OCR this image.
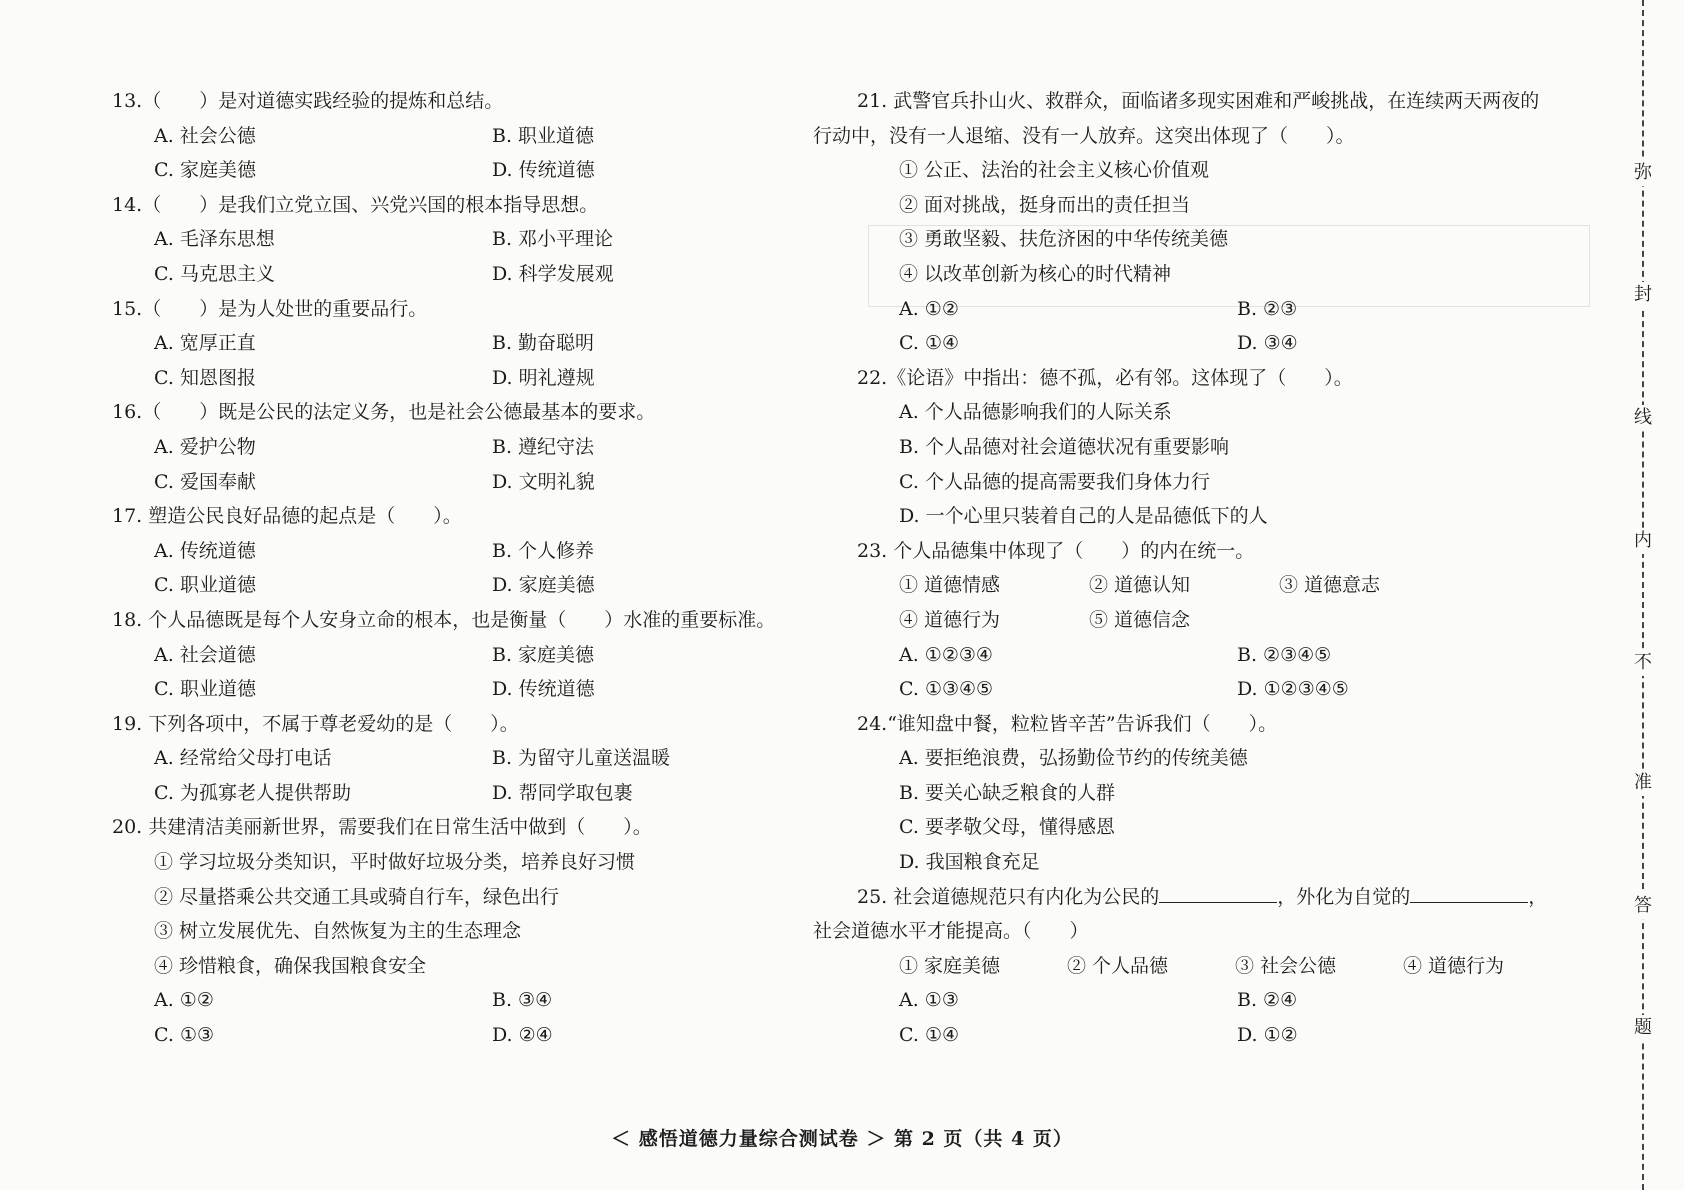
13.（　　）是对道德实践经验的提炼和总结。

A. 社会公德	B. 职业道德
C. 家庭美德	D. 传统道德

14.（　　）是我们立党立国、兴党兴国的根本指导思想。

A. 毛泽东思想	B. 邓小平理论
C. 马克思主义	D. 科学发展观

15.（　　）是为人处世的重要品行。

A. 宽厚正直	B. 勤奋聪明
C. 知恩图报	D. 明礼遵规

16.（　　）既是公民的法定义务，也是社会公德最基本的要求。

A. 爱护公物	B. 遵纪守法
C. 爱国奉献	D. 文明礼貌

17. 塑造公民良好品德的起点是（　　）。

A. 传统道德	B. 个人修养
C. 职业道德	D. 家庭美德

18. 个人品德既是每个人安身立命的根本，也是衡量（　　）水准的重要标准。

A. 社会道德	B. 家庭美德
C. 职业道德	D. 传统道德

19. 下列各项中，不属于尊老爱幼的是（　　）。

A. 经常给父母打电话	B. 为留守儿童送温暖
C. 为孤寡老人提供帮助	D. 帮同学取包裹

20. 共建清洁美丽新世界，需要我们在日常生活中做到（　　）。

① 学习垃圾分类知识，平时做好垃圾分类，培养良好习惯
② 尽量搭乘公共交通工具或骑自行车，绿色出行
③ 树立发展优先、自然恢复为主的生态理念
④ 珍惜粮食，确保我国粮食安全
A. ①②	B. ③④
C. ①③	D. ②④

21. 武警官兵扑山火、救群众，面临诸多现实困难和严峻挑战，在连续两天两夜的

行动中，没有一人退缩、没有一人放弃。这突出体现了（　　）。

① 公正、法治的社会主义核心价值观
② 面对挑战，挺身而出的责任担当
③ 勇敢坚毅、扶危济困的中华传统美德
④ 以改革创新为核心的时代精神
A. ①②	B. ②③
C. ①④	D. ③④

22.《论语》中指出：德不孤，必有邻。这体现了（　　）。

A. 个人品德影响我们的人际关系
B. 个人品德对社会道德状况有重要影响
C. 个人品德的提高需要我们身体力行
D. 一个心里只装着自己的人是品德低下的人

23. 个人品德集中体现了（　　）的内在统一。

① 道德情感	② 道德认知	③ 道德意志
④ 道德行为	⑤ 道德信念
A. ①②③④	B. ②③④⑤
C. ①③④⑤	D. ①②③④⑤

24.“谁知盘中餐，粒粒皆辛苦”告诉我们（　　）。

A. 要拒绝浪费，弘扬勤俭节约的传统美德
B. 要关心缺乏粮食的人群
C. 要孝敬父母，懂得感恩
D. 我国粮食充足

25. 社会道德规范只有内化为公民的	，外化为自觉的	，

社会道德水平才能提高。（　　）

① 家庭美德	② 个人品德	③ 社会公德	④ 道德行为
A. ①③	B. ②④
C. ①④	D. ①②
＜ 感悟道德力量综合测试卷 ＞ 第 2 页（共 4 页）
弥
封
线
内
不
准
答
题
